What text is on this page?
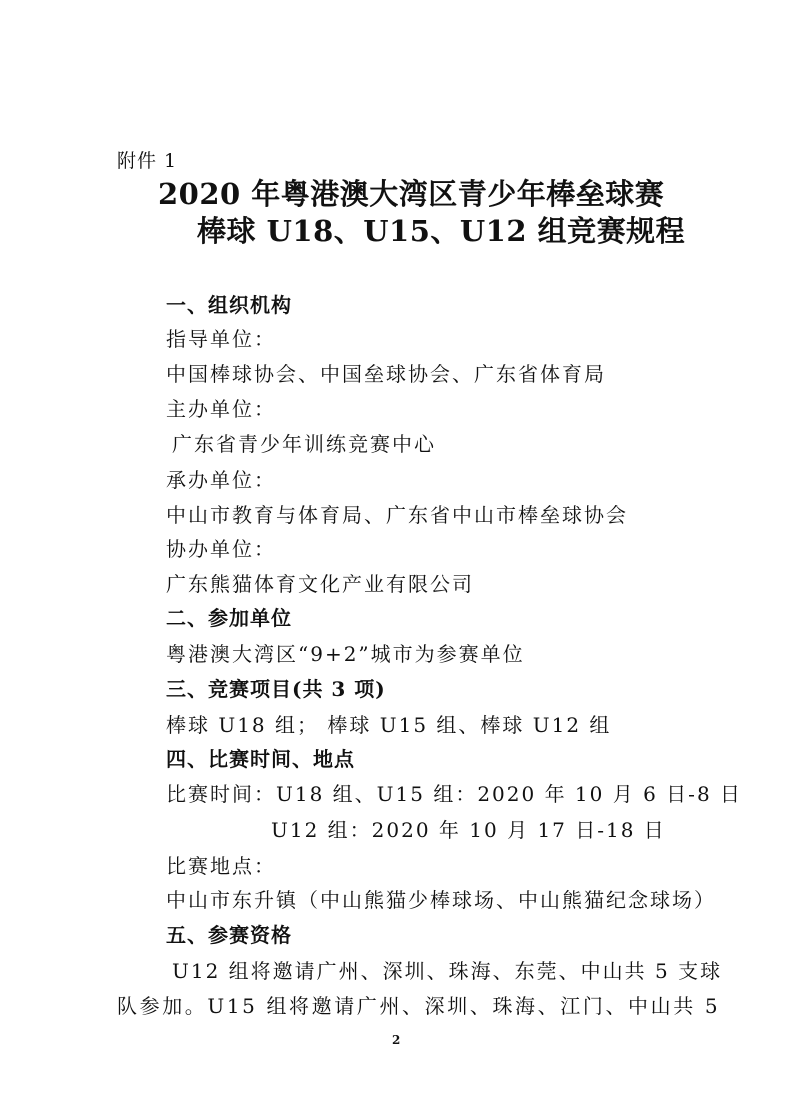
附件 1
2020 年粤港澳大湾区青少年棒垒球赛
棒球 U18、U15、U12 组竞赛规程
一、组织机构
指导单位：
中国棒球协会、中国垒球协会、广东省体育局
主办单位：
广东省青少年训练竞赛中心
承办单位：
中山市教育与体育局、广东省中山市棒垒球协会
协办单位：
广东熊猫体育文化产业有限公司
二、参加单位
粤港澳大湾区“9+2”城市为参赛单位
三、竞赛项目(共 3 项)
棒球 U18 组； 棒球 U15 组、棒球 U12 组
四、比赛时间、地点
比赛时间：U18 组、U15 组：2020 年 10 月 6 日-8 日
U12 组：2020 年 10 月 17 日-18 日
比赛地点：
中山市东升镇（中山熊猫少棒球场、中山熊猫纪念球场）
五、参赛资格
U12 组将邀请广州、深圳、珠海、东莞、中山共 5 支球
队参加。U15 组将邀请广州、深圳、珠海、江门、中山共 5
2
